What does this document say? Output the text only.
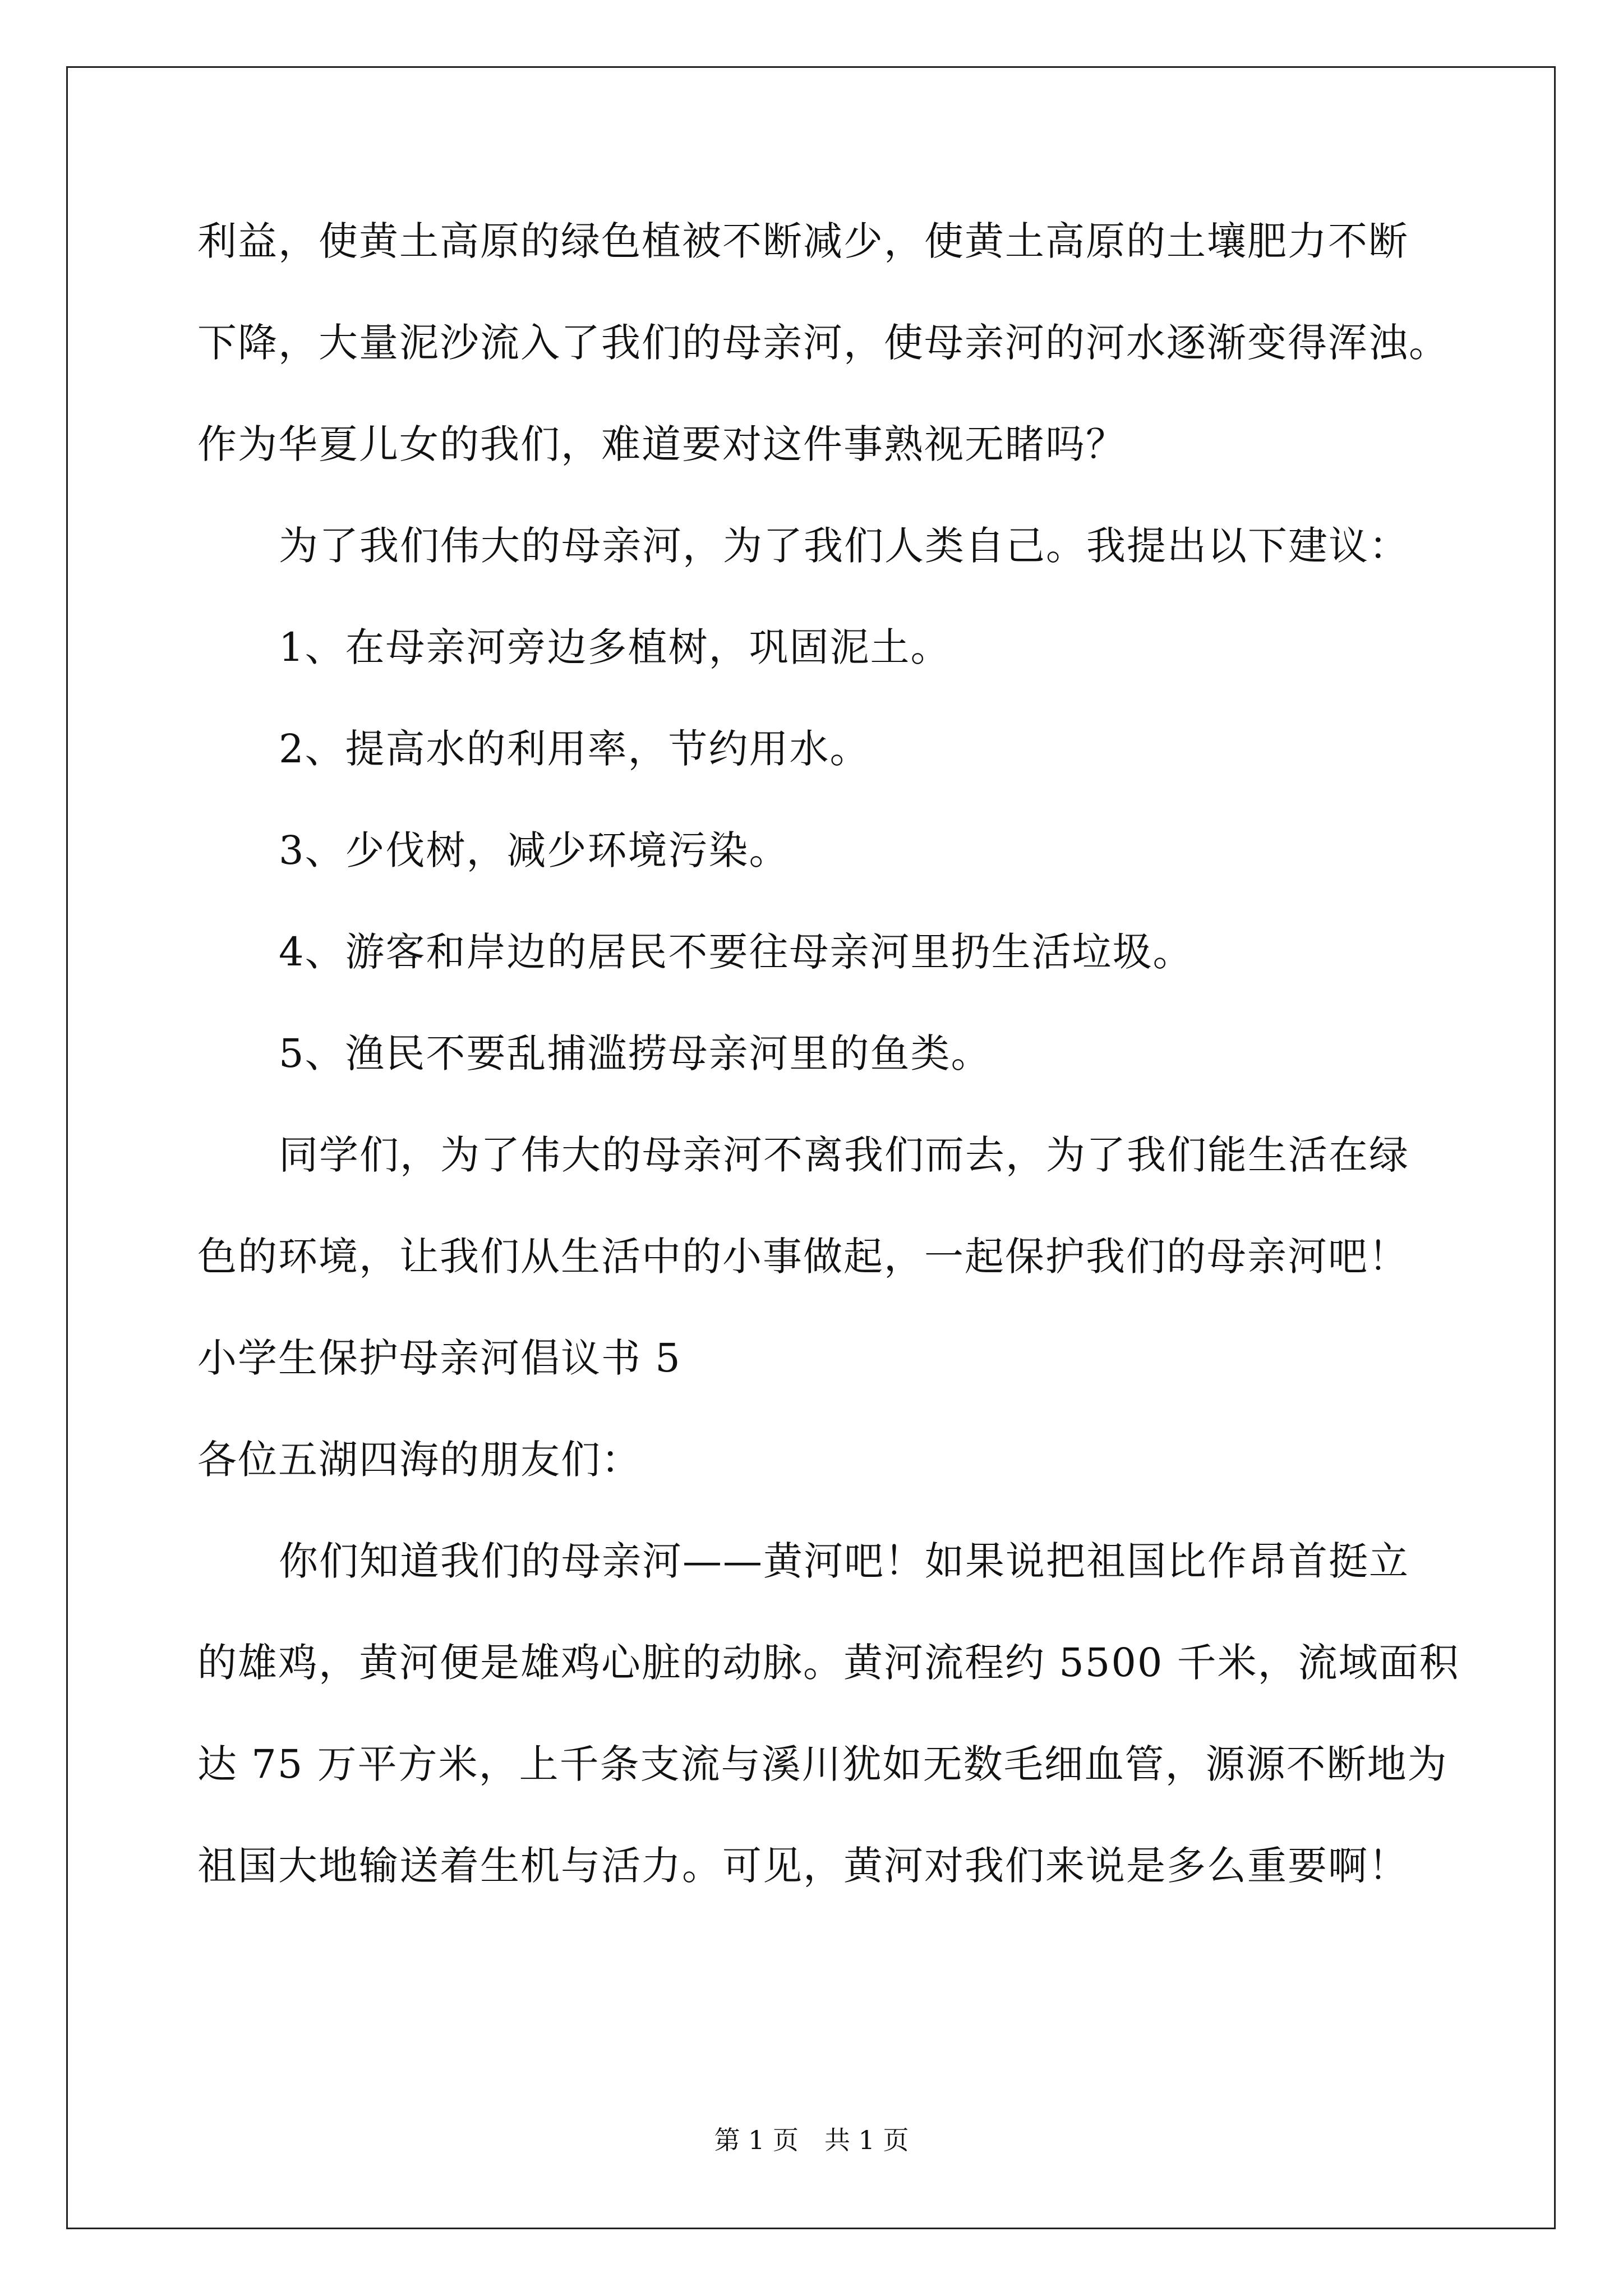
利益，使黄土高原的绿色植被不断减少，使黄土高原的土壤肥力不断
下降，大量泥沙流入了我们的母亲河，使母亲河的河水逐渐变得浑浊。
作为华夏儿女的我们，难道要对这件事熟视无睹吗？
为了我们伟大的母亲河，为了我们人类自己。我提出以下建议：
1、在母亲河旁边多植树，巩固泥土。
2、提高水的利用率，节约用水。
3、少伐树，减少环境污染。
4、游客和岸边的居民不要往母亲河里扔生活垃圾。
5、渔民不要乱捕滥捞母亲河里的鱼类。
同学们，为了伟大的母亲河不离我们而去，为了我们能生活在绿
色的环境，让我们从生活中的小事做起，一起保护我们的母亲河吧！
小学生保护母亲河倡议书 5
各位五湖四海的朋友们：
你们知道我们的母亲河——黄河吧！如果说把祖国比作昂首挺立
的雄鸡，黄河便是雄鸡心脏的动脉。黄河流程约 5500 千米，流域面积
达 75 万平方米，上千条支流与溪川犹如无数毛细血管，源源不断地为
祖国大地输送着生机与活力。可见，黄河对我们来说是多么重要啊！
第 1 页　共 1 页
